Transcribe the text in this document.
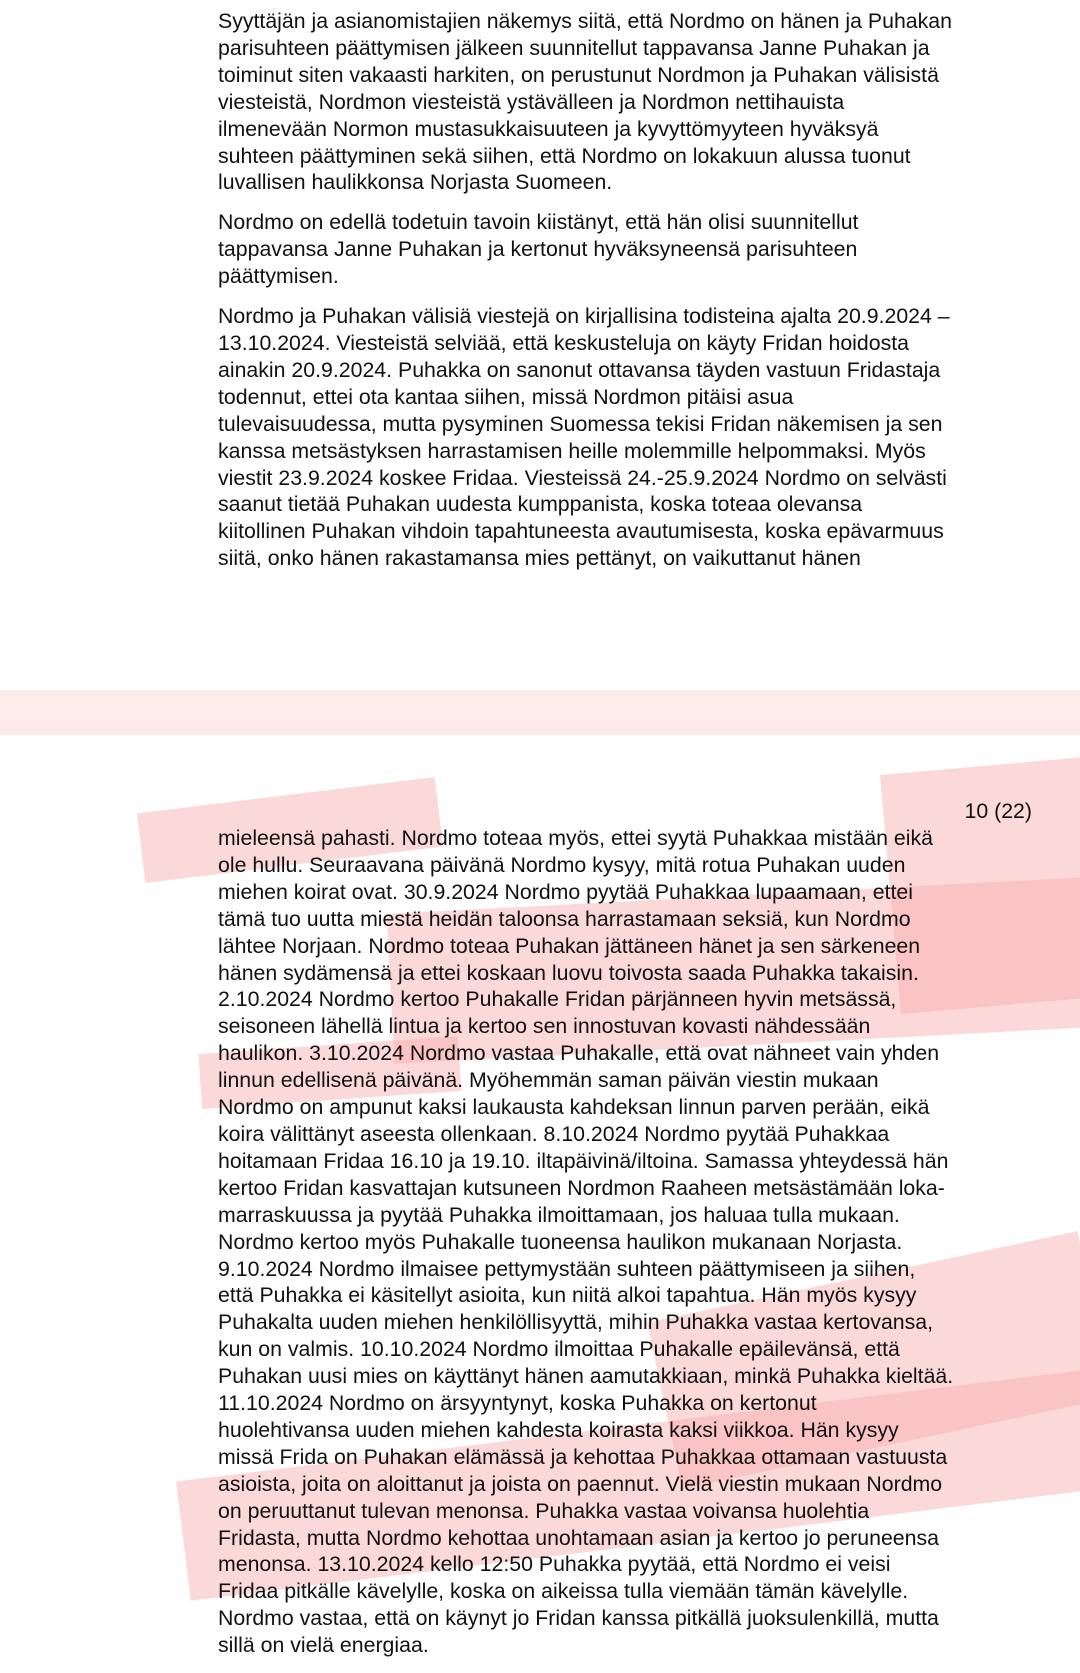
Syyttäjän ja asianomistajien näkemys siitä, että Nordmo on hänen ja Puhakan
parisuhteen päättymisen jälkeen suunnitellut tappavansa Janne Puhakan ja
toiminut siten vakaasti harkiten, on perustunut Nordmon ja Puhakan välisistä
viesteistä, Nordmon viesteistä ystävälleen ja Nordmon nettihauista
ilmenevään Normon mustasukkaisuuteen ja kyvyttömyyteen hyväksyä
suhteen päättyminen sekä siihen, että Nordmo on lokakuun alussa tuonut
luvallisen haulikkonsa Norjasta Suomeen.

Nordmo on edellä todetuin tavoin kiistänyt, että hän olisi suunnitellut
tappavansa Janne Puhakan ja kertonut hyväksyneensä parisuhteen
päättymisen.

Nordmo ja Puhakan välisiä viestejä on kirjallisina todisteina ajalta 20.9.2024 –
13.10.2024. Viesteistä selviää, että keskusteluja on käyty Fridan hoidosta
ainakin 20.9.2024. Puhakka on sanonut ottavansa täyden vastuun Fridastaja
todennut, ettei ota kantaa siihen, missä Nordmon pitäisi asua
tulevaisuudessa, mutta pysyminen Suomessa tekisi Fridan näkemisen ja sen
kanssa metsästyksen harrastamisen heille molemmille helpommaksi. Myös
viestit 23.9.2024 koskee Fridaa. Viesteissä 24.-25.9.2024 Nordmo on selvästi
saanut tietää Puhakan uudesta kumppanista, koska toteaa olevansa
kiitollinen Puhakan vihdoin tapahtuneesta avautumisesta, koska epävarmuus
siitä, onko hänen rakastamansa mies pettänyt, on vaikuttanut hänen

10 (22)

mieleensä pahasti. Nordmo toteaa myös, ettei syytä Puhakkaa mistään eikä
ole hullu. Seuraavana päivänä Nordmo kysyy, mitä rotua Puhakan uuden
miehen koirat ovat. 30.9.2024 Nordmo pyytää Puhakkaa lupaamaan, ettei
tämä tuo uutta miestä heidän taloonsa harrastamaan seksiä, kun Nordmo
lähtee Norjaan. Nordmo toteaa Puhakan jättäneen hänet ja sen särkeneen
hänen sydämensä ja ettei koskaan luovu toivosta saada Puhakka takaisin.
2.10.2024 Nordmo kertoo Puhakalle Fridan pärjänneen hyvin metsässä,
seisoneen lähellä lintua ja kertoo sen innostuvan kovasti nähdessään
haulikon. 3.10.2024 Nordmo vastaa Puhakalle, että ovat nähneet vain yhden
linnun edellisenä päivänä. Myöhemmän saman päivän viestin mukaan
Nordmo on ampunut kaksi laukausta kahdeksan linnun parven perään, eikä
koira välittänyt aseesta ollenkaan. 8.10.2024 Nordmo pyytää Puhakkaa
hoitamaan Fridaa 16.10 ja 19.10. iltapäivinä/iltoina. Samassa yhteydessä hän
kertoo Fridan kasvattajan kutsuneen Nordmon Raaheen metsästämään loka-
marraskuussa ja pyytää Puhakka ilmoittamaan, jos haluaa tulla mukaan.
Nordmo kertoo myös Puhakalle tuoneensa haulikon mukanaan Norjasta.
9.10.2024 Nordmo ilmaisee pettymystään suhteen päättymiseen ja siihen,
että Puhakka ei käsitellyt asioita, kun niitä alkoi tapahtua. Hän myös kysyy
Puhakalta uuden miehen henkilöllisyyttä, mihin Puhakka vastaa kertovansa,
kun on valmis. 10.10.2024 Nordmo ilmoittaa Puhakalle epäilevänsä, että
Puhakan uusi mies on käyttänyt hänen aamutakkiaan, minkä Puhakka kieltää.
11.10.2024 Nordmo on ärsyyntynyt, koska Puhakka on kertonut
huolehtivansa uuden miehen kahdesta koirasta kaksi viikkoa. Hän kysyy
missä Frida on Puhakan elämässä ja kehottaa Puhakkaa ottamaan vastuusta
asioista, joita on aloittanut ja joista on paennut. Vielä viestin mukaan Nordmo
on peruuttanut tulevan menonsa. Puhakka vastaa voivansa huolehtia
Fridasta, mutta Nordmo kehottaa unohtamaan asian ja kertoo jo peruneensa
menonsa. 13.10.2024 kello 12:50 Puhakka pyytää, että Nordmo ei veisi
Fridaa pitkälle kävelylle, koska on aikeissa tulla viemään tämän kävelylle.
Nordmo vastaa, että on käynyt jo Fridan kanssa pitkällä juoksulenkillä, mutta
sillä on vielä energiaa.
